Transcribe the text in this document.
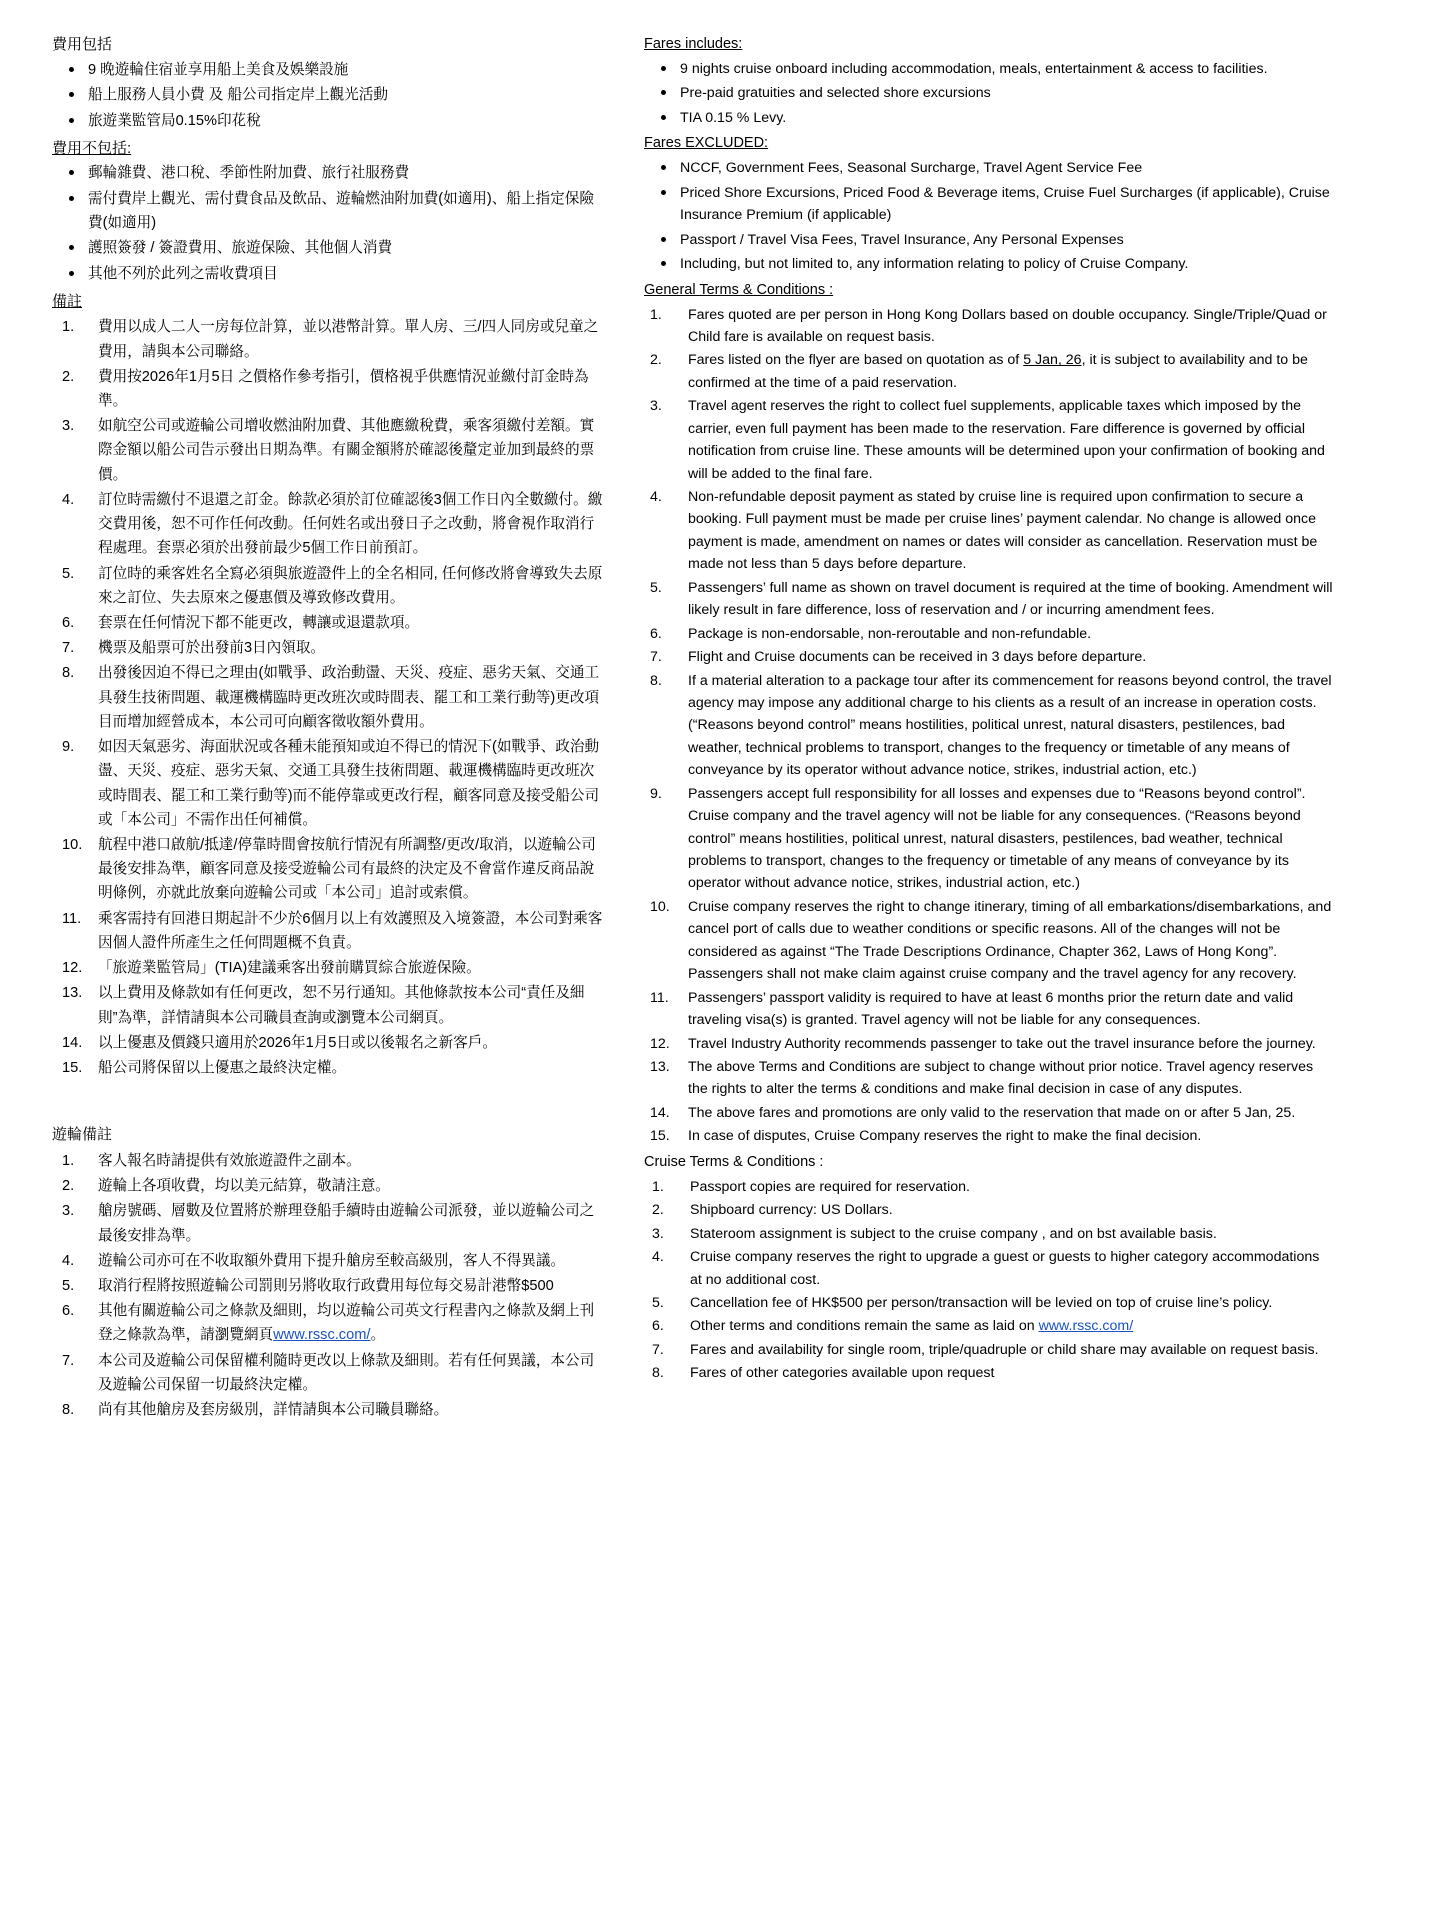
費用包括
9 晚遊輪住宿並享用船上美食及娛樂設施
船上服務人員小費 及 船公司指定岸上觀光活動
旅遊業監管局0.15%印花稅
費用不包括:
郵輪雜費、港口稅、季節性附加費、旅行社服務費
需付費岸上觀光、需付費食品及飲品、遊輪燃油附加費(如適用)、船上指定保險費(如適用)
護照簽發 / 簽證費用、旅遊保險、其他個人消費
其他不列於此列之需收費項目
備註
1.	費用以成人二人一房每位計算，並以港幣計算。單人房、三/四人同房或兒童之費用，請與本公司聯絡。
2.	費用按2026年1月5日 之價格作參考指引，價格視乎供應情況並繳付訂金時為準。
3.	如航空公司或遊輪公司增收燃油附加費、其他應繳稅費，乘客須繳付差額。實際金額以船公司告示發出日期為準。有關金額將於確認後釐定並加到最終的票價。
4.	訂位時需繳付不退還之訂金。餘款必須於訂位確認後3個工作日內全數繳付。繳交費用後，恕不可作任何改動。任何姓名或出發日子之改動，將會視作取消行程處理。套票必須於出發前最少5個工作日前預訂。
5.	訂位時的乘客姓名全寫必須與旅遊證件上的全名相同, 任何修改將會導致失去原來之訂位、失去原來之優惠價及導致修改費用。
6.	套票在任何情況下都不能更改，轉讓或退還款項。
7.	機票及船票可於出發前3日內領取。
8.	出發後因迫不得已之理由(如戰爭、政治動盪、天災、疫症、惡劣天氣、交通工具發生技術問題、載運機構臨時更改班次或時間表、罷工和工業行動等)更改項目而增加經營成本，本公司可向顧客徵收額外費用。
9.	如因天氣惡劣、海面狀況或各種未能預知或迫不得已的情況下(如戰爭、政治動盪、天災、疫症、惡劣天氣、交通工具發生技術問題、載運機構臨時更改班次或時間表、罷工和工業行動等)而不能停靠或更改行程，顧客同意及接受船公司或「本公司」不需作出任何補償。
10.	航程中港口啟航/抵達/停靠時間會按航行情況有所調整/更改/取消，以遊輪公司最後安排為準，顧客同意及接受遊輪公司有最終的決定及不會當作違反商品說明條例，亦就此放棄向遊輪公司或「本公司」追討或索償。
11.	乘客需持有回港日期起計不少於6個月以上有效護照及入境簽證，本公司對乘客因個人證件所產生之任何問題概不負責。
12.	「旅遊業監管局」(TIA)建議乘客出發前購買綜合旅遊保險。
13.	以上費用及條款如有任何更改，恕不另行通知。其他條款按本公司“責任及細則”為準，詳情請與本公司職員查詢或瀏覽本公司網頁。
14.	以上優惠及價錢只適用於2026年1月5日或以後報名之新客戶。
15.	船公司將保留以上優惠之最終決定權。
遊輪備註
1.	客人報名時請提供有效旅遊證件之副本。
2.	遊輪上各項收費，均以美元結算，敬請注意。
3.	艙房號碼、層數及位置將於辦理登船手續時由遊輪公司派發，並以遊輪公司之最後安排為準。
4.	遊輪公司亦可在不收取額外費用下提升艙房至較高級別，客人不得異議。
5.	取消行程將按照遊輪公司罰則另將收取行政費用每位每交易計港幣$500
6.	其他有關遊輪公司之條款及細則，均以遊輪公司英文行程書內之條款及網上刊登之條款為準，請瀏覽網頁www.rssc.com/。
7.	本公司及遊輪公司保留權利隨時更改以上條款及細則。若有任何異議，本公司及遊輪公司保留一切最終決定權。
8.	尚有其他艙房及套房級別，詳情請與本公司職員聯絡。
Fares includes:
9 nights cruise onboard including accommodation, meals, entertainment & access to facilities.
Pre-paid gratuities and selected shore excursions
TIA 0.15 % Levy.
Fares EXCLUDED:
NCCF, Government Fees, Seasonal Surcharge, Travel Agent Service Fee
Priced Shore Excursions, Priced Food & Beverage items, Cruise Fuel Surcharges (if applicable), Cruise Insurance Premium (if applicable)
Passport / Travel Visa Fees, Travel Insurance, Any Personal Expenses
Including, but not limited to, any information relating to policy of Cruise Company.
General Terms & Conditions :
1.	Fares quoted are per person in Hong Kong Dollars based on double occupancy. Single/Triple/Quad or Child fare is available on request basis.
2.	Fares listed on the flyer are based on quotation as of 5 Jan, 26, it is subject to availability and to be confirmed at the time of a paid reservation.
3.	Travel agent reserves the right to collect fuel supplements, applicable taxes which imposed by the carrier, even full payment has been made to the reservation. Fare difference is governed by official notification from cruise line. These amounts will be determined upon your confirmation of booking and will be added to the final fare.
4.	Non-refundable deposit payment as stated by cruise line is required upon confirmation to secure a booking. Full payment must be made per cruise lines’ payment calendar. No change is allowed once payment is made, amendment on names or dates will consider as cancellation. Reservation must be made not less than 5 days before departure.
5.	Passengers’ full name as shown on travel document is required at the time of booking. Amendment will likely result in fare difference, loss of reservation and / or incurring amendment fees.
6.	Package is non-endorsable, non-reroutable and non-refundable.
7.	Flight and Cruise documents can be received in 3 days before departure.
8.	If a material alteration to a package tour after its commencement for reasons beyond control, the travel agency may impose any additional charge to his clients as a result of an increase in operation costs. (“Reasons beyond control” means hostilities, political unrest, natural disasters, pestilences, bad weather, technical problems to transport, changes to the frequency or timetable of any means of conveyance by its operator without advance notice, strikes, industrial action, etc.)
9.	Passengers accept full responsibility for all losses and expenses due to “Reasons beyond control”. Cruise company and the travel agency will not be liable for any consequences. (“Reasons beyond control” means hostilities, political unrest, natural disasters, pestilences, bad weather, technical problems to transport, changes to the frequency or timetable of any means of conveyance by its operator without advance notice, strikes, industrial action, etc.)
10.	Cruise company reserves the right to change itinerary, timing of all embarkations/disembarkations, and cancel port of calls due to weather conditions or specific reasons. All of the changes will not be considered as against “The Trade Descriptions Ordinance, Chapter 362, Laws of Hong Kong”. Passengers shall not make claim against cruise company and the travel agency for any recovery.
11.	Passengers’ passport validity is required to have at least 6 months prior the return date and valid traveling visa(s) is granted. Travel agency will not be liable for any consequences.
12.	Travel Industry Authority recommends passenger to take out the travel insurance before the journey.
13.	The above Terms and Conditions are subject to change without prior notice. Travel agency reserves the rights to alter the terms & conditions and make final decision in case of any disputes.
14.	The above fares and promotions are only valid to the reservation that made on or after 5 Jan, 25.
15.	In case of disputes, Cruise Company reserves the right to make the final decision.
Cruise Terms & Conditions :
1.	Passport copies are required for reservation.
2.	Shipboard currency: US Dollars.
3.	Stateroom assignment is subject to the cruise company , and on bst available basis.
4.	Cruise company reserves the right to upgrade a guest or guests to higher category accommodations at no additional cost.
5.	Cancellation fee of HK$500 per person/transaction will be levied on top of cruise line’s policy.
6.	Other terms and conditions remain the same as laid on www.rssc.com/
7.	Fares and availability for single room, triple/quadruple or child share may available on request basis.
8.	Fares of other categories available upon request
